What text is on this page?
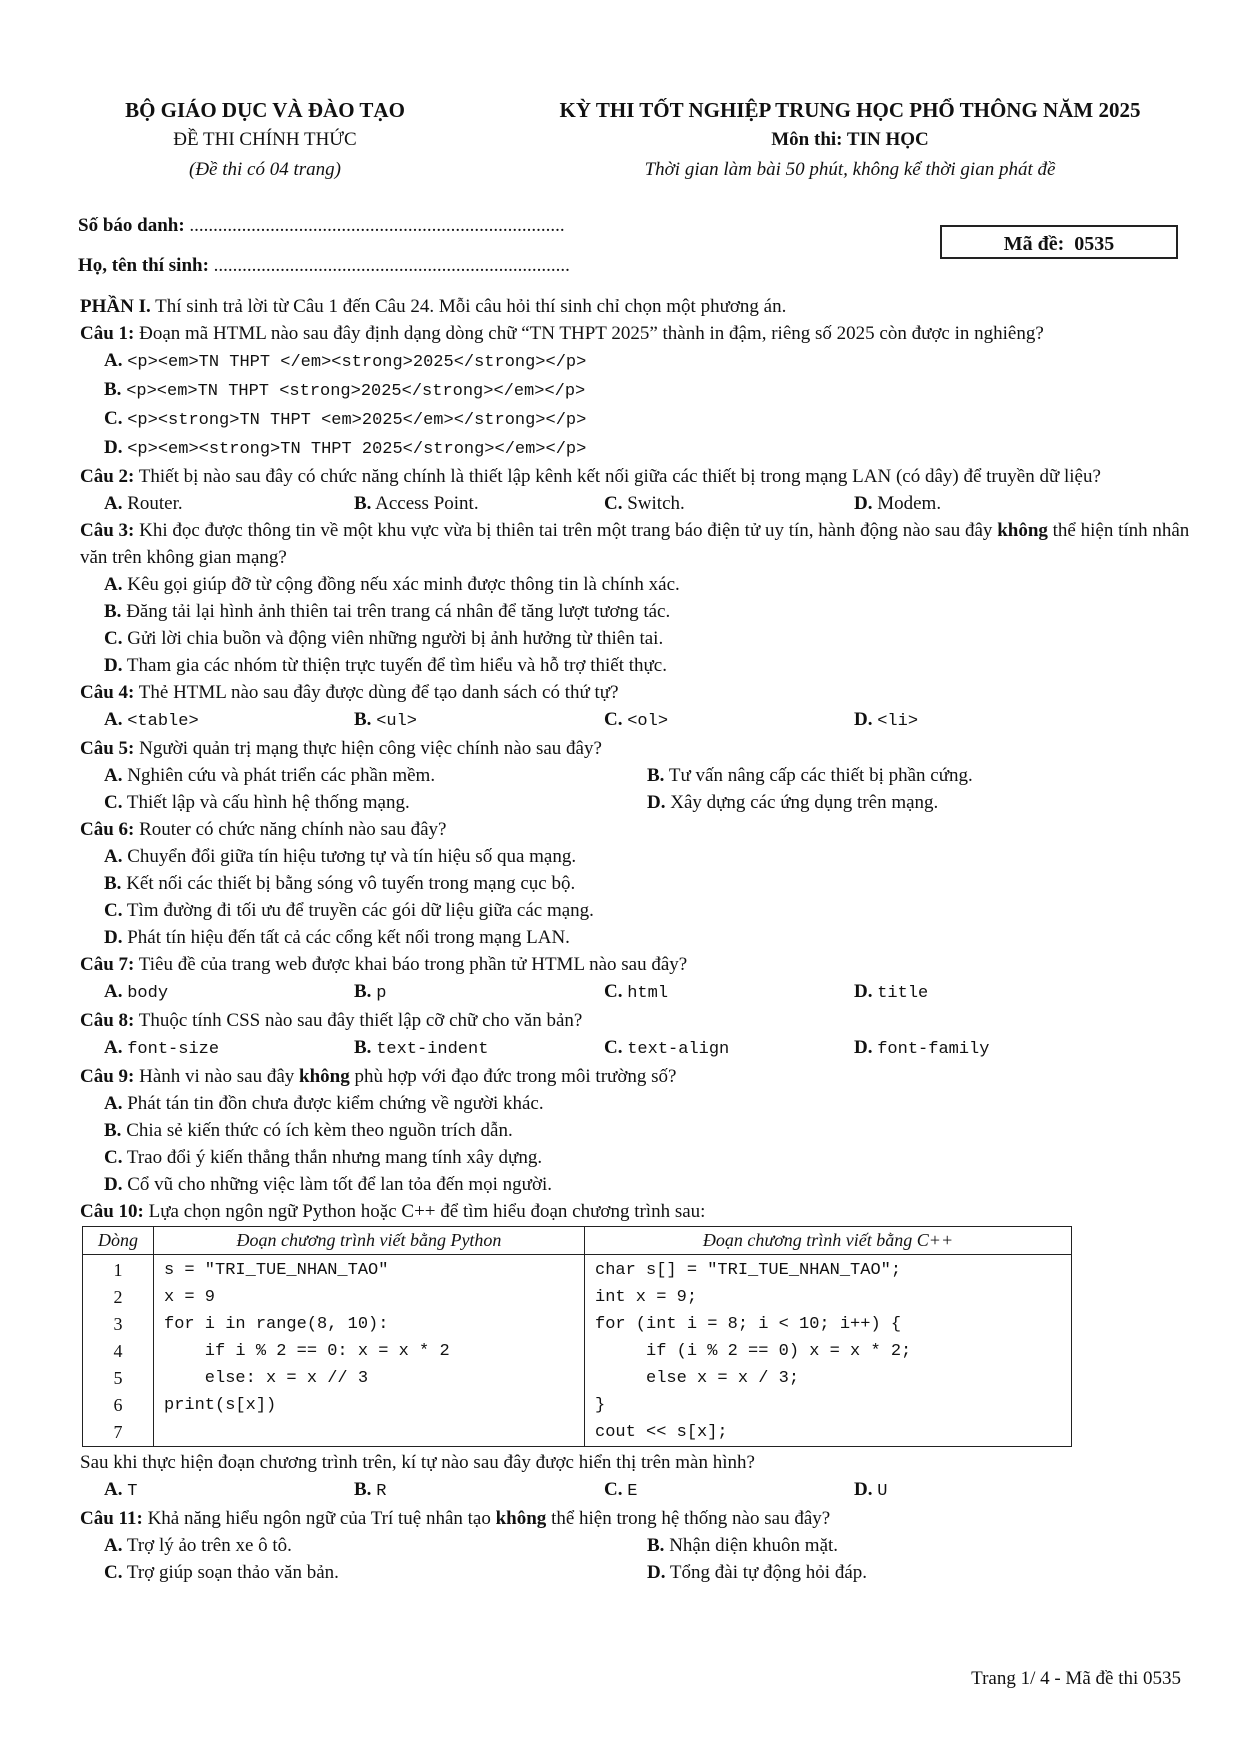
BỘ GIÁO DỤC VÀ ĐÀO TẠO
ĐỀ THI CHÍNH THỨC
(Đề thi có 04 trang)
KỲ THI TỐT NGHIỆP TRUNG HỌC PHỔ THÔNG NĂM 2025
Môn thi: TIN HỌC
Thời gian làm bài 50 phút, không kể thời gian phát đề
Số báo danh: ...............................................................................
Họ, tên thí sinh: ...........................................................................
Mã đề: 0535

PHẦN I. Thí sinh trả lời từ Câu 1 đến Câu 24. Mỗi câu hỏi thí sinh chỉ chọn một phương án.

Câu 1: Đoạn mã HTML nào sau đây định dạng dòng chữ “TN THPT 2025” thành in đậm, riêng số 2025 còn được in nghiêng?

A. <p><em>TN THPT </em><strong>2025</strong></p>
B. <p><em>TN THPT <strong>2025</strong></em></p>
C. <p><strong>TN THPT <em>2025</em></strong></p>
D. <p><em><strong>TN THPT 2025</strong></em></p>

Câu 2: Thiết bị nào sau đây có chức năng chính là thiết lập kênh kết nối giữa các thiết bị trong mạng LAN (có dây) để truyền dữ liệu?

A. Router.	B. Access Point.	C. Switch.	D. Modem.

Câu 3: Khi đọc được thông tin về một khu vực vừa bị thiên tai trên một trang báo điện tử uy tín, hành động nào sau đây không thể hiện tính nhân văn trên không gian mạng?

A. Kêu gọi giúp đỡ từ cộng đồng nếu xác minh được thông tin là chính xác.
B. Đăng tải lại hình ảnh thiên tai trên trang cá nhân để tăng lượt tương tác.
C. Gửi lời chia buồn và động viên những người bị ảnh hưởng từ thiên tai.
D. Tham gia các nhóm từ thiện trực tuyến để tìm hiểu và hỗ trợ thiết thực.

Câu 4: Thẻ HTML nào sau đây được dùng để tạo danh sách có thứ tự?

A. <table>	B. <ul>	C. <ol>	D. <li>

Câu 5: Người quản trị mạng thực hiện công việc chính nào sau đây?

A. Nghiên cứu và phát triển các phần mềm.	B. Tư vấn nâng cấp các thiết bị phần cứng.
C. Thiết lập và cấu hình hệ thống mạng.	D. Xây dựng các ứng dụng trên mạng.

Câu 6: Router có chức năng chính nào sau đây?

A. Chuyển đổi giữa tín hiệu tương tự và tín hiệu số qua mạng.
B. Kết nối các thiết bị bằng sóng vô tuyến trong mạng cục bộ.
C. Tìm đường đi tối ưu để truyền các gói dữ liệu giữa các mạng.
D. Phát tín hiệu đến tất cả các cổng kết nối trong mạng LAN.

Câu 7: Tiêu đề của trang web được khai báo trong phần tử HTML nào sau đây?

A. body	B. p	C. html	D. title

Câu 8: Thuộc tính CSS nào sau đây thiết lập cỡ chữ cho văn bản?

A. font-size	B. text-indent	C. text-align	D. font-family

Câu 9: Hành vi nào sau đây không phù hợp với đạo đức trong môi trường số?

A. Phát tán tin đồn chưa được kiểm chứng về người khác.
B. Chia sẻ kiến thức có ích kèm theo nguồn trích dẫn.
C. Trao đổi ý kiến thẳng thắn nhưng mang tính xây dựng.
D. Cổ vũ cho những việc làm tốt để lan tỏa đến mọi người.

Câu 10: Lựa chọn ngôn ngữ Python hoặc C++ để tìm hiểu đoạn chương trình sau:

Dòng	Đoạn chương trình viết bằng Python	Đoạn chương trình viết bằng C++
1	s = "TRI_TUE_NHAN_TAO"	char s[] = "TRI_TUE_NHAN_TAO";
2	x = 9	int x = 9;
3	for i in range(8, 10):	for (int i = 8; i < 10; i++) {
4	if i % 2 == 0: x = x * 2	if (i % 2 == 0) x = x * 2;
5	else: x = x // 3	else x = x / 3;
6	print(s[x])	}
7		cout << s[x];

Sau khi thực hiện đoạn chương trình trên, kí tự nào sau đây được hiển thị trên màn hình?

A. T	B. R	C. E	D. U

Câu 11: Khả năng hiểu ngôn ngữ của Trí tuệ nhân tạo không thể hiện trong hệ thống nào sau đây?

A. Trợ lý ảo trên xe ô tô.	B. Nhận diện khuôn mặt.
C. Trợ giúp soạn thảo văn bản.	D. Tổng đài tự động hỏi đáp.
Trang 1/ 4 - Mã đề thi 0535
